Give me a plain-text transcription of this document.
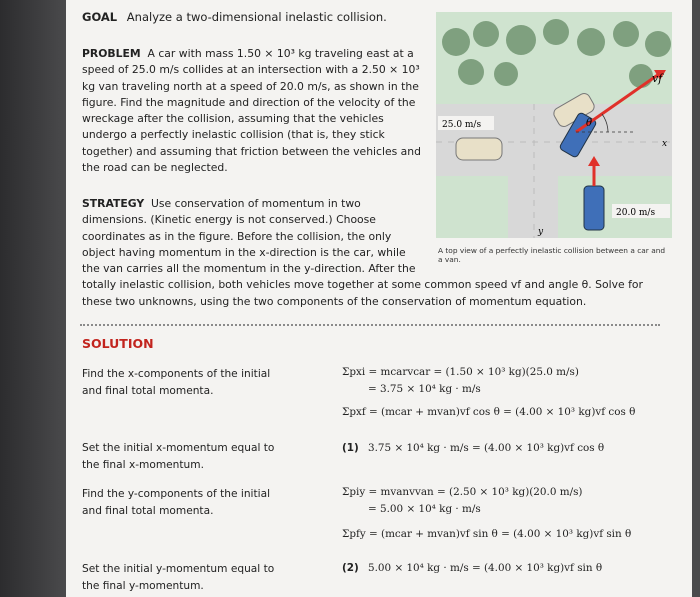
GOAL Analyze a two-dimensional inelastic collision.
PROBLEM A car with mass 1.50 × 10³ kg traveling east at a
speed of 25.0 m/s collides at an intersection with a 2.50 × 10³
kg van traveling north at a speed of 20.0 m/s, as shown in the
figure. Find the magnitude and direction of the velocity of the
wreckage after the collision, assuming that the vehicles
undergo a perfectly inelastic collision (that is, they stick
together) and assuming that friction between the vehicles and
the road can be neglected.
STRATEGY Use conservation of momentum in two
dimensions. (Kinetic energy is not conserved.) Choose
coordinates as in the figure. Before the collision, the only
object having momentum in the x-direction is the car, while
the van carries all the momentum in the y-direction. After the
totally inelastic collision, both vehicles move together at some common speed vf and angle θ. Solve for
these two unknowns, using the two components of the conservation of momentum equation.
θ
vf
x
y
25.0 m/s
20.0 m/s
A top view of a perfectly inelastic collision between a car and a van.
SOLUTION
Find the x-components of the initial and final total momenta.
Σpxi = mcarvcar = (1.50 × 10³ kg)(25.0 m/s)
= 3.75 × 10⁴ kg · m/s
Σpxf = (mcar + mvan)vf cos θ = (4.00 × 10³ kg)vf cos θ
Set the initial x-momentum equal to the final x-momentum.
(1) 3.75 × 10⁴ kg · m/s = (4.00 × 10³ kg)vf cos θ
Find the y-components of the initial and final total momenta.
Σpiy = mvanvvan = (2.50 × 10³ kg)(20.0 m/s)
= 5.00 × 10⁴ kg · m/s
Σpfy = (mcar + mvan)vf sin θ = (4.00 × 10³ kg)vf sin θ
Set the initial y-momentum equal to the final y-momentum.
(2) 5.00 × 10⁴ kg · m/s = (4.00 × 10³ kg)vf sin θ
